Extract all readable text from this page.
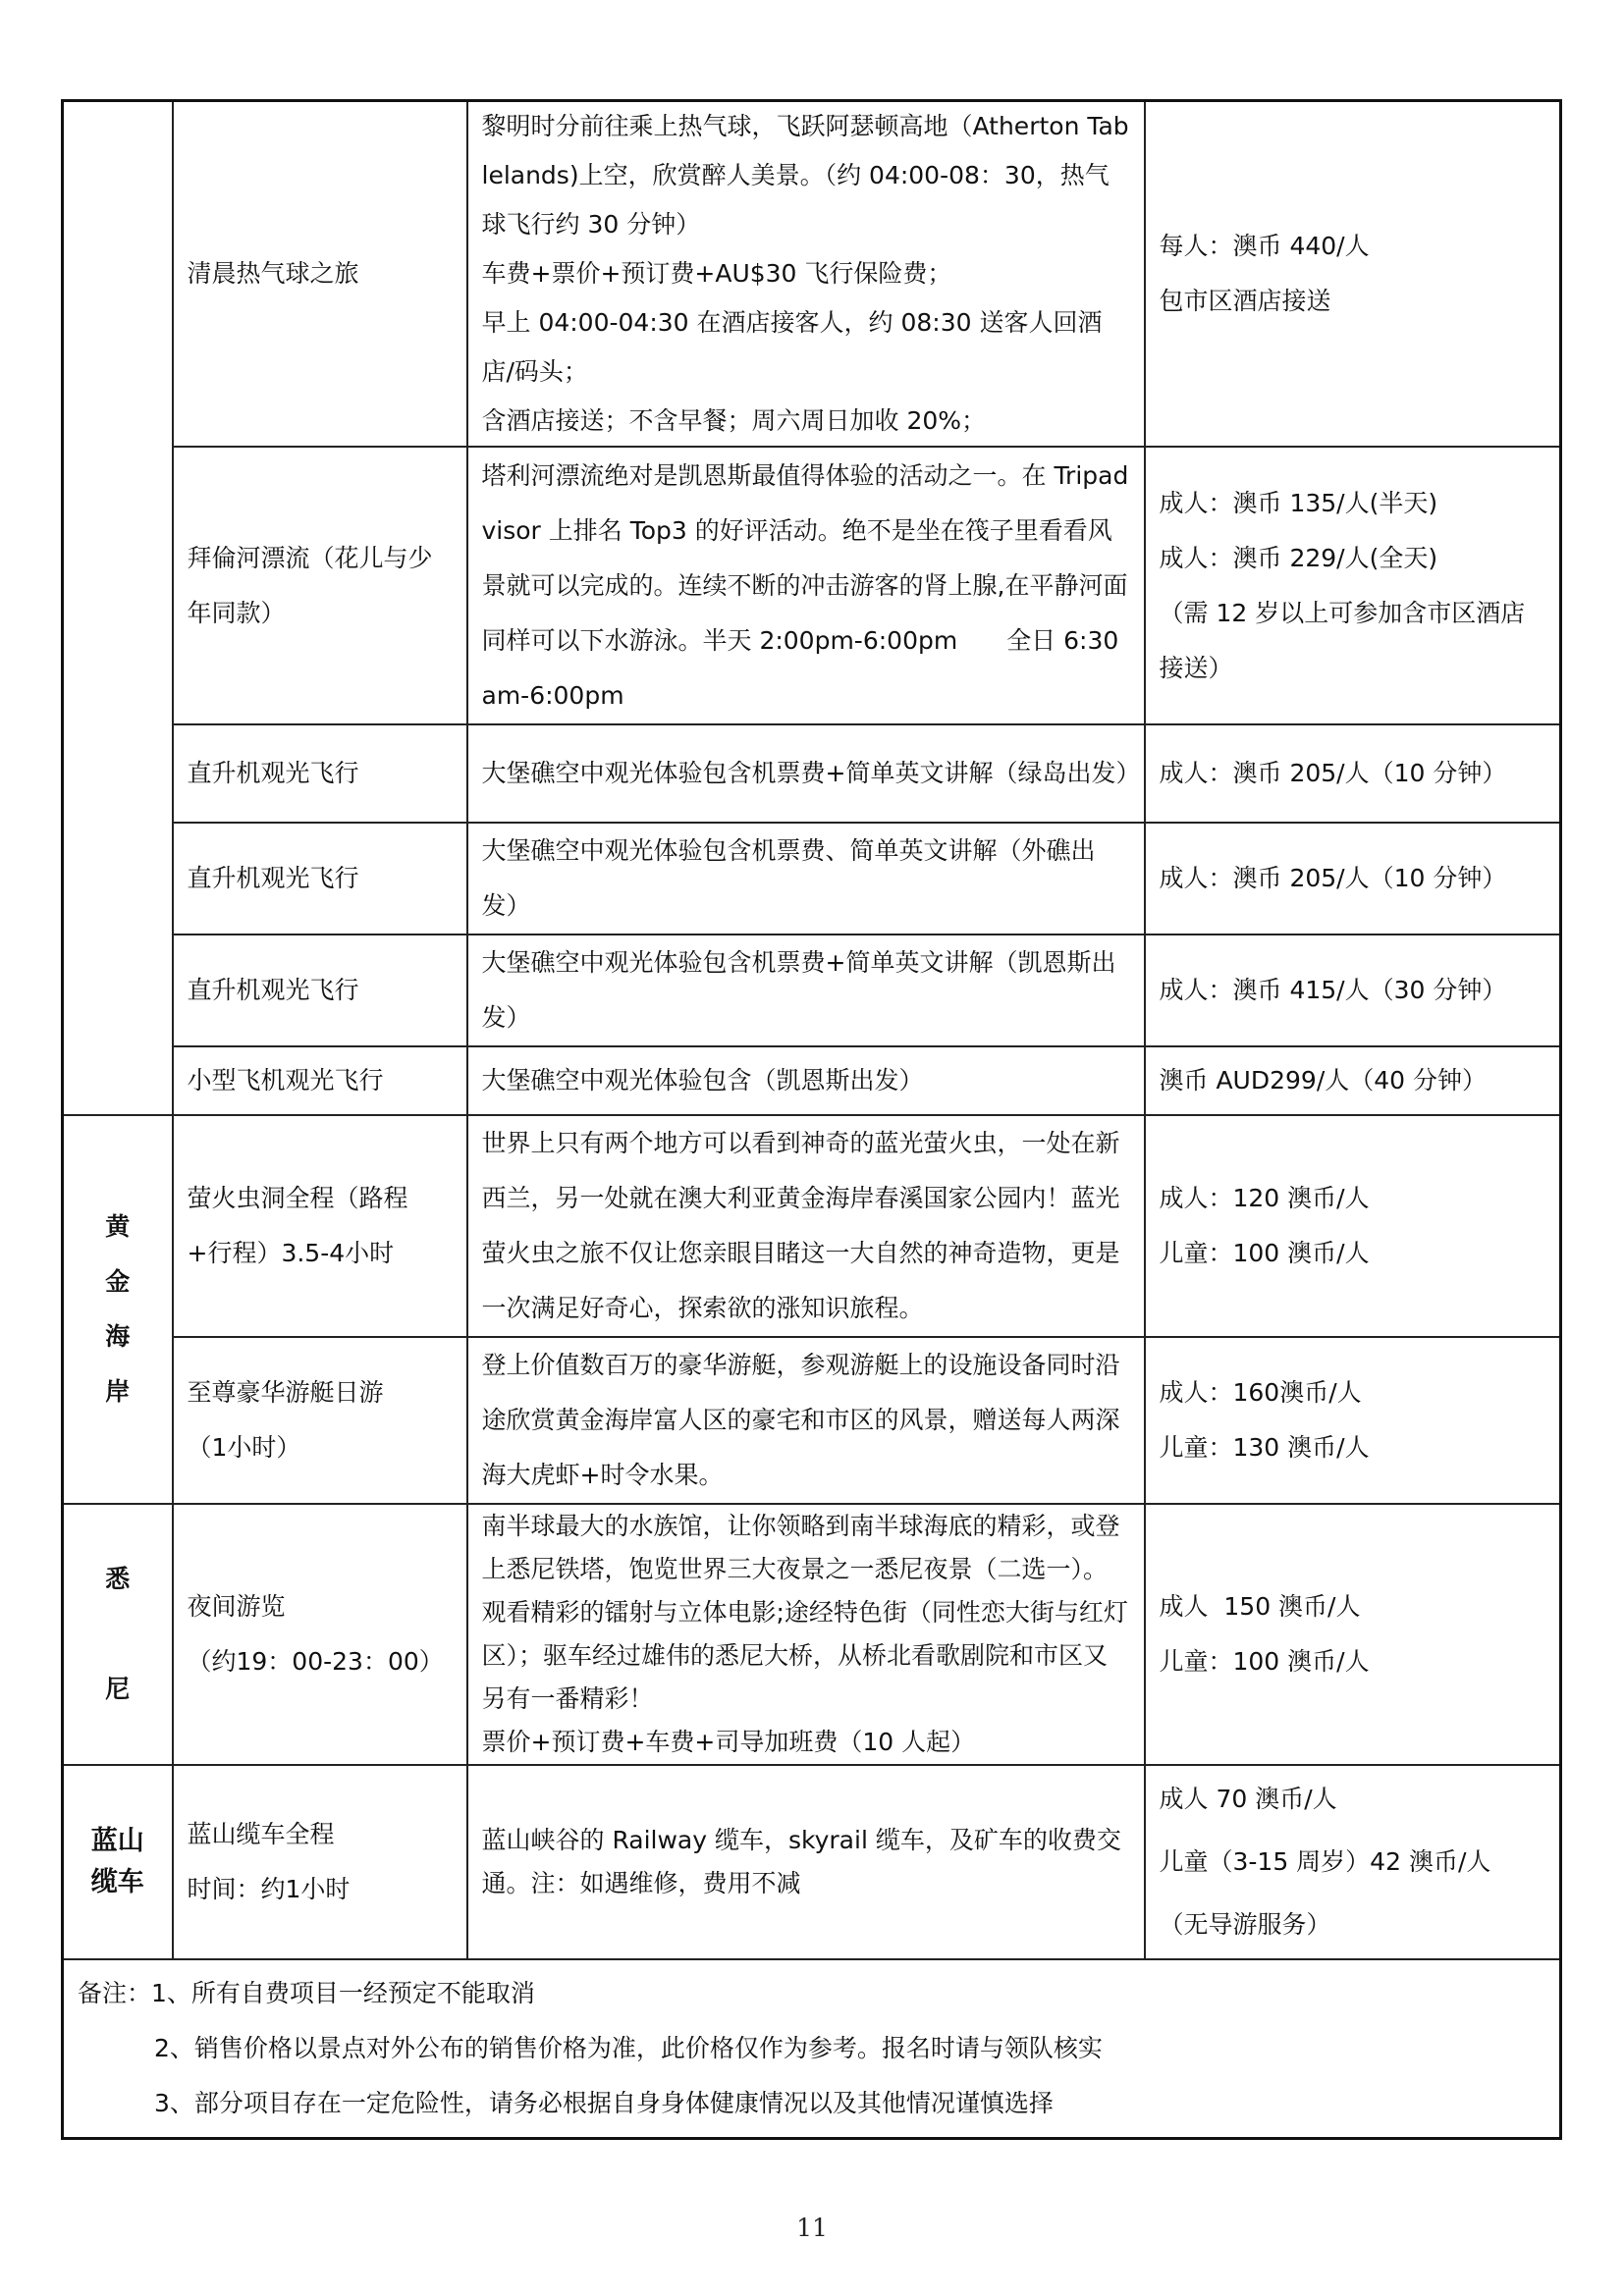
	清晨热气球之旅	黎明时分前往乘上热气球，飞跃阿瑟顿高地（Atherton Tablelands)上空，欣赏醉人美景。（约 04:00-08：30，热气球飞行约 30 分钟）
车费+票价+预订费+AU$30 飞行保险费；
早上 04:00-04:30 在酒店接客人，约 08:30 送客人回酒店/码头；
含酒店接送；不含早餐；周六周日加收 20%；	每人：澳币 440/人
包市区酒店接送
	拜倫河漂流（花儿与少年同款）	塔利河漂流绝对是凯恩斯最值得体验的活动之一。在 Tripadvisor 上排名 Top3 的好评活动。绝不是坐在筏子里看看风景就可以完成的。连续不断的冲击游客的肾上腺,在平静河面同样可以下水游泳。半天 2:00pm-6:00pm　　全日 6:30am-6:00pm	成人：澳币 135/人(半天)
成人：澳币 229/人(全天)
（需 12 岁以上可参加含市区酒店接送）
	直升机观光飞行	大堡礁空中观光体验包含机票费+简单英文讲解（绿岛出发）	成人：澳币 205/人（10 分钟）
	直升机观光飞行	大堡礁空中观光体验包含机票费、简单英文讲解（外礁出发）	成人：澳币 205/人（10 分钟）
	直升机观光飞行	大堡礁空中观光体验包含机票费+简单英文讲解（凯恩斯出发）	成人：澳币 415/人（30 分钟）
	小型飞机观光飞行	大堡礁空中观光体验包含（凯恩斯出发）	澳币 AUD299/人（40 分钟）
黄
金
海
岸	萤火虫洞全程（路程+行程）3.5-4小时	世界上只有两个地方可以看到神奇的蓝光萤火虫，一处在新西兰，另一处就在澳大利亚黄金海岸春溪国家公园内！蓝光萤火虫之旅不仅让您亲眼目睹这一大自然的神奇造物，更是一次满足好奇心，探索欲的涨知识旅程。	成人：120 澳币/人
儿童：100 澳币/人
	至尊豪华游艇日游
（1小时）	登上价值数百万的豪华游艇，参观游艇上的设施设备同时沿途欣赏黄金海岸富人区的豪宅和市区的风景，赠送每人两深海大虎虾+时令水果。	成人：160澳币/人
儿童：130 澳币/人
悉

尼	夜间游览
（约19：00-23：00）	南半球最大的水族馆，让你领略到南半球海底的精彩，或登上悉尼铁塔，饱览世界三大夜景之一悉尼夜景（二选一）。观看精彩的镭射与立体电影;途经特色街（同性恋大街与红灯区）；驱车经过雄伟的悉尼大桥，从桥北看歌剧院和市区又另有一番精彩！
票价+预订费+车费+司导加班费（10 人起）	成人  150 澳币/人
儿童：100 澳币/人
蓝山
缆车	蓝山缆车全程
时间：约1小时	蓝山峡谷的 Railway 缆车，skyrail 缆车，及矿车的收费交通。注：如遇维修，费用不减	成人 70 澳币/人
儿童（3-15 周岁）42 澳币/人
（无导游服务）

备注：1、所有自费项目一经预定不能取消
2、销售价格以景点对外公布的销售价格为准，此价格仅作为参考。报名时请与领队核实
3、部分项目存在一定危险性，请务必根据自身身体健康情况以及其他情况谨慎选择			
11
